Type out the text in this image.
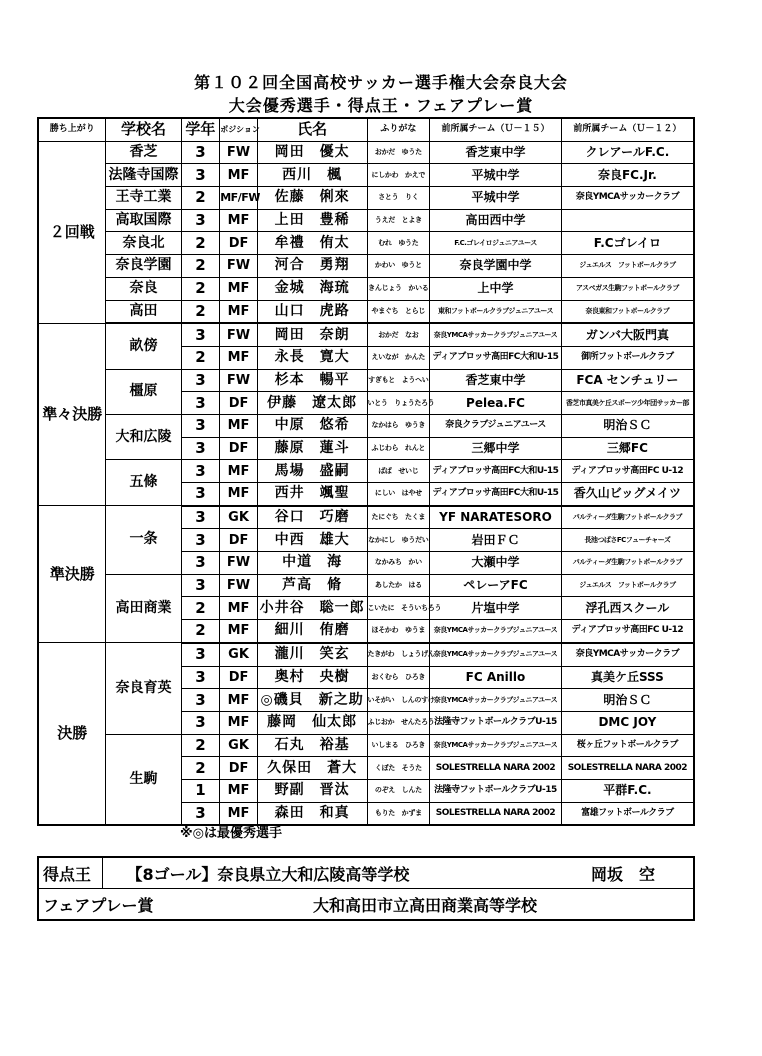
第１０２回全国高校サッカー選手権大会奈良大会
大会優秀選手・得点王・フェアプレー賞
勝ち上がり	学校名	学年	ポジション	氏名	ふりがな	前所属チーム（Ｕ－１５）	前所属チーム（Ｕ－１２）
２回戦	香芝	3	FW	岡田　優太	おかだ　ゆうた	香芝東中学	クレアールF.C.
	法隆寺国際	3	MF	西川　楓	にしかわ　かえで	平城中学	奈良FC.Jr.
	王寺工業	2	MF/FW	佐藤　俐來	さとう　りく	平城中学	奈良YMCAサッカークラブ
	高取国際	3	MF	上田　豊稀	うえだ　とよき	高田西中学	
	奈良北	2	DF	牟禮　侑太	むれ　ゆうた	F.C.ゴレイロジュニアユース	F.Cゴレイロ
	奈良学園	2	FW	河合　勇翔	かわい　ゆうと	奈良学園中学	ジュエルス　フットボールクラブ
	奈良	2	MF	金城　海琉	きんじょう　かいる	上中学	アスペガス生駒フットボールクラブ
	高田	2	MF	山口　虎路	やまぐち　とらじ	東和フットボールクラブジュニアユース	奈良東和フットボールクラブ
準々決勝	畝傍	3	FW	岡田　奈朗	おかだ　なお	奈良YMCAサッカークラブジュニアユース	ガンバ大阪門真
		2	MF	永長　寛大	えいなが　かんた	ディアブロッサ高田FC大和U-15	御所フットボールクラブ
	橿原	3	FW	杉本　暢平	すぎもと　ようへい	香芝東中学	FCA センチュリー
		3	DF	伊藤　遼太郎	いとう　りょうたろう	Pelea.FC	香芝市真美ケ丘スポーツ少年団サッカー部
	大和広陵	3	MF	中原　悠希	なかはら　ゆうき	奈良クラブジュニアユース	明治ＳＣ
		3	DF	藤原　蓮斗	ふじわら　れんと	三郷中学	三郷FC
	五條	3	MF	馬場　盛嗣	ばば　せいじ	ディアブロッサ高田FC大和U-15	ディアブロッサ高田FC U-12
		3	MF	西井　颯聖	にしい　はやせ	ディアブロッサ高田FC大和U-15	香久山ビッグメイツ
準決勝	一条	3	GK	谷口　巧磨	たにぐち　たくま	YF NARATESORO	パルティーダ生駒フットボールクラブ
		3	DF	中西　雄大	なかにし　ゆうだい	岩田ＦＣ	長池つばさFCフューチャーズ
		3	FW	中道　海	なかみち　かい	大瀬中学	パルティーダ生駒フットボールクラブ
	高田商業	3	FW	芦高　脩	あしたか　はる	ペレーアFC	ジュエルス　フットボールクラブ
		2	MF	小井谷　聡一郎	こいたに　そういちろう	片塩中学	浮孔西スクール
		2	MF	細川　侑磨	ほそかわ　ゆうま	奈良YMCAサッカークラブジュニアユース	ディアブロッサ高田FC U-12
決勝	奈良育英	3	GK	瀧川　笑玄	たきがわ　しょうげん	奈良YMCAサッカークラブジュニアユース	奈良YMCAサッカークラブ
		3	DF	奥村　央樹	おくむら　ひろき	FC Anillo	真美ケ丘SSS
		3	MF	◎磯貝　新之助	いそがい　しんのすけ	奈良YMCAサッカークラブジュニアユース	明治ＳＣ
		3	MF	藤岡　仙太郎	ふじおか　せんたろう	法隆寺フットボールクラブU-15	DMC JOY
	生駒	2	GK	石丸　裕基	いしまる　ひろき	奈良YMCAサッカークラブジュニアユース	桜ヶ丘フットボールクラブ
		2	DF	久保田　蒼大	くぼた　そうた	SOLESTRELLA NARA 2002	SOLESTRELLA NARA 2002
		1	MF	野副　晋汰	のぞえ　しんた	法隆寺フットボールクラブU-15	平群F.C.
		3	MF	森田　和真	もりた　かずま	SOLESTRELLA NARA 2002	富雄フットボールクラブ
※◎は最優秀選手
得点王	【8ゴール】奈良県立大和広陵高等学校	岡坂　空

フェアプレー賞	大和高田市立高田商業高等学校
